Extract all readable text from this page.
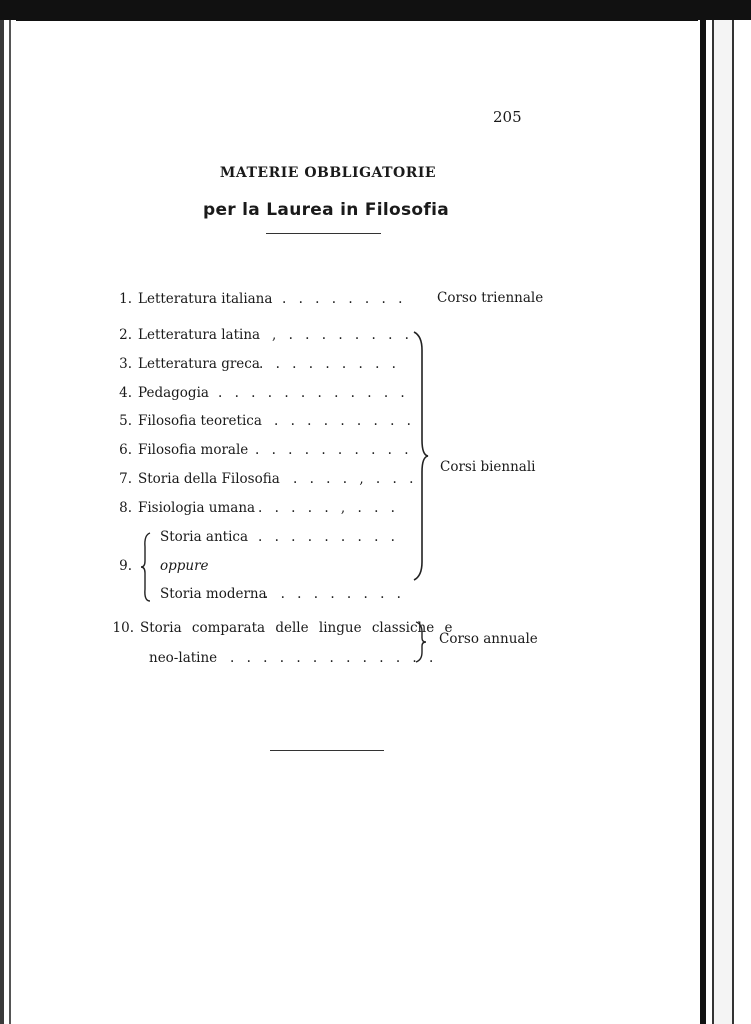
205
MATERIE OBBLIGATORIE
per la Laurea in Filosofia
1. Letteratura italiana . . . . . . . .
2. Letteratura latina , . . . . . . . .
3. Letteratura greca . . . . . . . . .
4. Pedagogia . . . . . . . . . . . .
5. Filosofia teoretica . . . . . . . . .
6. Filosofia morale . . . . . . . . . .
7. Storia della Filosofia . . . . , . . .
8. Fisiologia umana . . . . . , . . .
Storia antica . . . . . . . . .
9. oppure
Storia moderna
. . . . . . . . .
10. Storia comparata delle lingue classiche e
neo-latine . . . . . . . . . . . . .
Corso triennale
Corsi biennali
Corso annuale
